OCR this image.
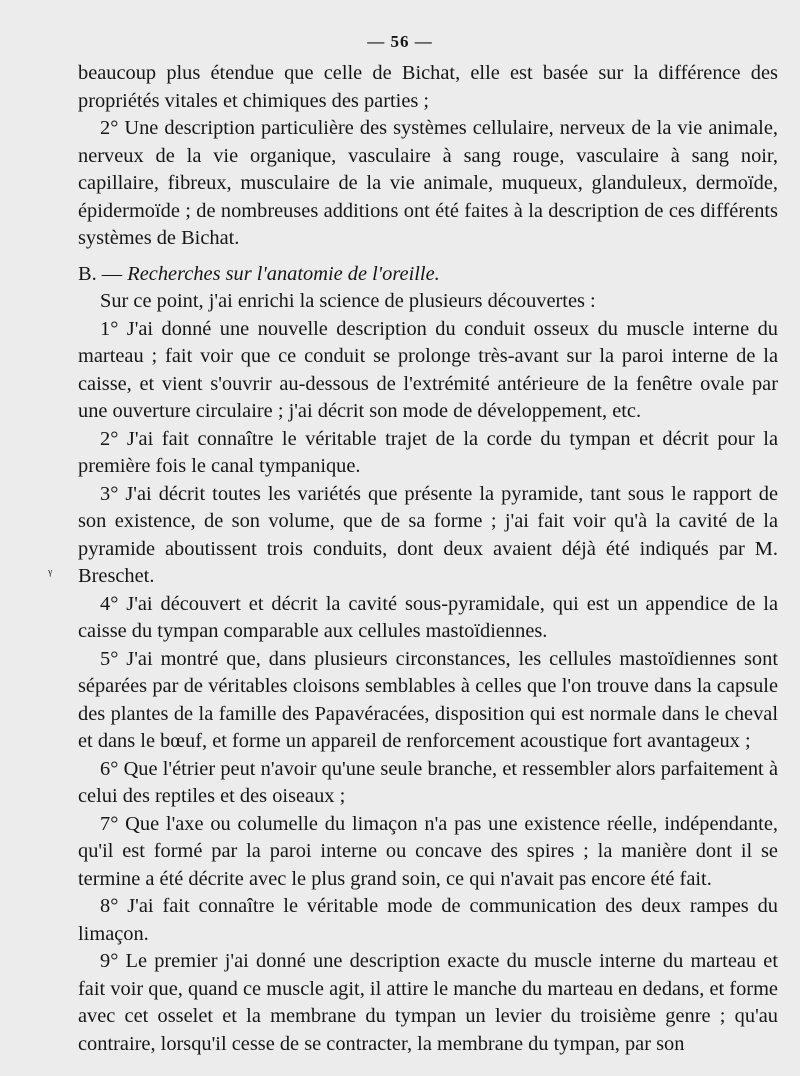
— 56 —
ᵞ

beaucoup plus étendue que celle de Bichat, elle est basée sur la différence des propriétés vitales et chimiques des parties ;

2° Une description particulière des systèmes cellulaire, nerveux de la vie animale, nerveux de la vie organique, vasculaire à sang rouge, vasculaire à sang noir, capillaire, fibreux, musculaire de la vie animale, muqueux, glanduleux, dermoïde, épidermoïde ; de nombreuses additions ont été faites à la description de ces différents systèmes de Bichat.

B. — Recherches sur l'anatomie de l'oreille.

Sur ce point, j'ai enrichi la science de plusieurs découvertes :

1° J'ai donné une nouvelle description du conduit osseux du muscle interne du marteau ; fait voir que ce conduit se prolonge très-avant sur la paroi interne de la caisse, et vient s'ouvrir au-dessous de l'extrémité antérieure de la fenêtre ovale par une ouverture circulaire ; j'ai décrit son mode de développement, etc.

2° J'ai fait connaître le véritable trajet de la corde du tympan et décrit pour la première fois le canal tympanique.

3° J'ai décrit toutes les variétés que présente la pyramide, tant sous le rapport de son existence, de son volume, que de sa forme ; j'ai fait voir qu'à la cavité de la pyramide aboutissent trois conduits, dont deux avaient déjà été indiqués par M. Breschet.

4° J'ai découvert et décrit la cavité sous-pyramidale, qui est un appendice de la caisse du tympan comparable aux cellules mastoïdiennes.

5° J'ai montré que, dans plusieurs circonstances, les cellules mastoïdiennes sont séparées par de véritables cloisons semblables à celles que l'on trouve dans la capsule des plantes de la famille des Papavéracées, disposition qui est normale dans le cheval et dans le bœuf, et forme un appareil de renforcement acoustique fort avantageux ;

6° Que l'étrier peut n'avoir qu'une seule branche, et ressembler alors parfaitement à celui des reptiles et des oiseaux ;

7° Que l'axe ou columelle du limaçon n'a pas une existence réelle, indépendante, qu'il est formé par la paroi interne ou concave des spires ; la manière dont il se termine a été décrite avec le plus grand soin, ce qui n'avait pas encore été fait.

8° J'ai fait connaître le véritable mode de communication des deux rampes du limaçon.

9° Le premier j'ai donné une description exacte du muscle interne du marteau et fait voir que, quand ce muscle agit, il attire le manche du marteau en dedans, et forme avec cet osselet et la membrane du tympan un levier du troisième genre ; qu'au contraire, lorsqu'il cesse de se contracter, la membrane du tympan, par son
